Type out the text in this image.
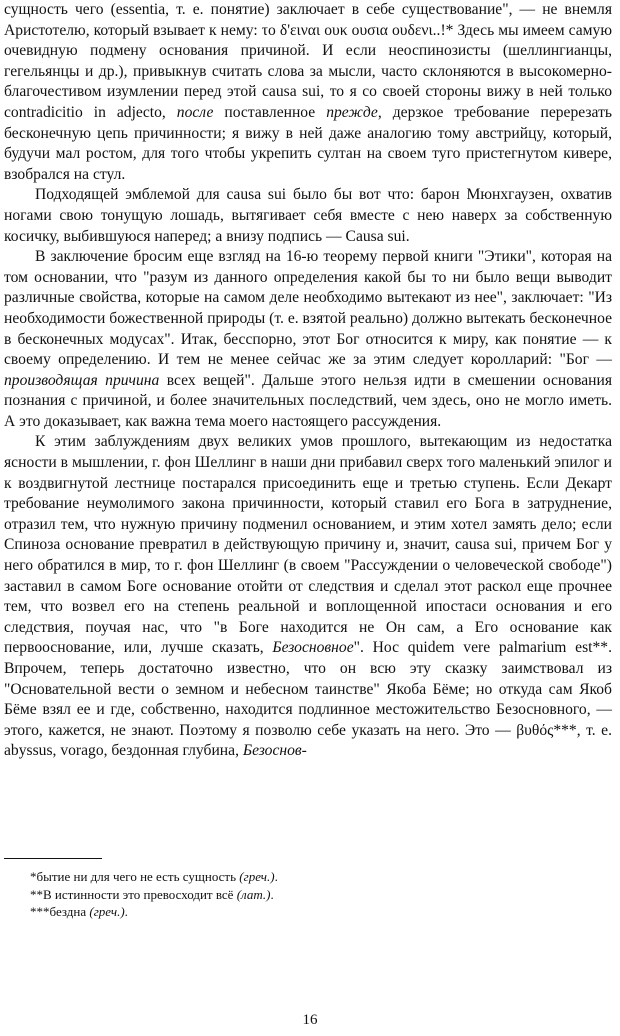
сущность чего (essentia, т. е. понятие) заключает в себе существование", — не внемля Аристотелю, который взывает к нему: το δ'ειναι ουκ ουσια ουδενι..!* Здесь мы имеем самую очевидную подмену основания причиной. И если неоспинозисты (шеллингианцы, гегельянцы и др.), привыкнув считать слова за мысли, часто склоняются в высокомерно-благочестивом изумлении перед этой causa sui, то я со своей стороны вижу в ней только contradicitio in adjecto, после поставленное прежде, дерзкое требование перерезать бесконечную цепь причинности; я вижу в ней даже аналогию тому австрийцу, который, будучи мал ростом, для того чтобы укрепить султан на своем туго пристегнутом кивере, взобрался на стул.

Подходящей эмблемой для causa sui было бы вот что: барон Мюнхгаузен, охватив ногами свою тонущую лошадь, вытягивает себя вместе с нею наверх за собственную косичку, выбившуюся наперед; а внизу подпись — Causa sui.

В заключение бросим еще взгляд на 16-ю теорему первой книги "Этики", которая на том основании, что "разум из данного определения какой бы то ни было вещи выводит различные свойства, которые на самом деле необходимо вытекают из нее", заключает: "Из необходимости божественной природы (т. е. взятой реально) должно вытекать бесконечное в бесконечных модусах". Итак, бесспорно, этот Бог относится к миру, как понятие — к своему определению. И тем не менее сейчас же за этим следует королларий: "Бог — производящая причина всех вещей". Дальше этого нельзя идти в смешении основания познания с причиной, и более значительных последствий, чем здесь, оно не могло иметь. А это доказывает, как важна тема моего настоящего рассуждения.

К этим заблуждениям двух великих умов прошлого, вытекающим из недостатка ясности в мышлении, г. фон Шеллинг в наши дни прибавил сверх того маленький эпилог и к воздвигнутой лестнице постарался присоединить еще и третью ступень. Если Декарт требование неумолимого закона причинности, который ставил его Бога в затруднение, отразил тем, что нужную причину подменил основанием, и этим хотел замять дело; если Спиноза основание превратил в действующую причину и, значит, causa sui, причем Бог у него обратился в мир, то г. фон Шеллинг (в своем "Рассуждении о человеческой свободе") заставил в самом Боге основание отойти от следствия и сделал этот раскол еще прочнее тем, что возвел его на степень реальной и воплощенной ипостаси основания и его следствия, поучая нас, что "в Боге находится не Он сам, а Его основание как первооснование, или, лучше сказать, Безосновное". Нос quidem vere palmarium est**. Впрочем, теперь достаточно известно, что он всю эту сказку заимствовал из "Основательной вести о земном и небесном таинстве" Якоба Бёме; но откуда сам Якоб Бёме взял ее и где, собственно, находится подлинное местожительство Безосновного, — этого, кажется, не знают. Поэтому я позволю себе указать на него. Это — βυθός***, т. е. abyssus, vorago, бездонная глубина, Безоснов-

*бытие ни для чего не есть сущность (греч.).
**В истинности это превосходит всё (лат.).
***бездна (греч.).
16
